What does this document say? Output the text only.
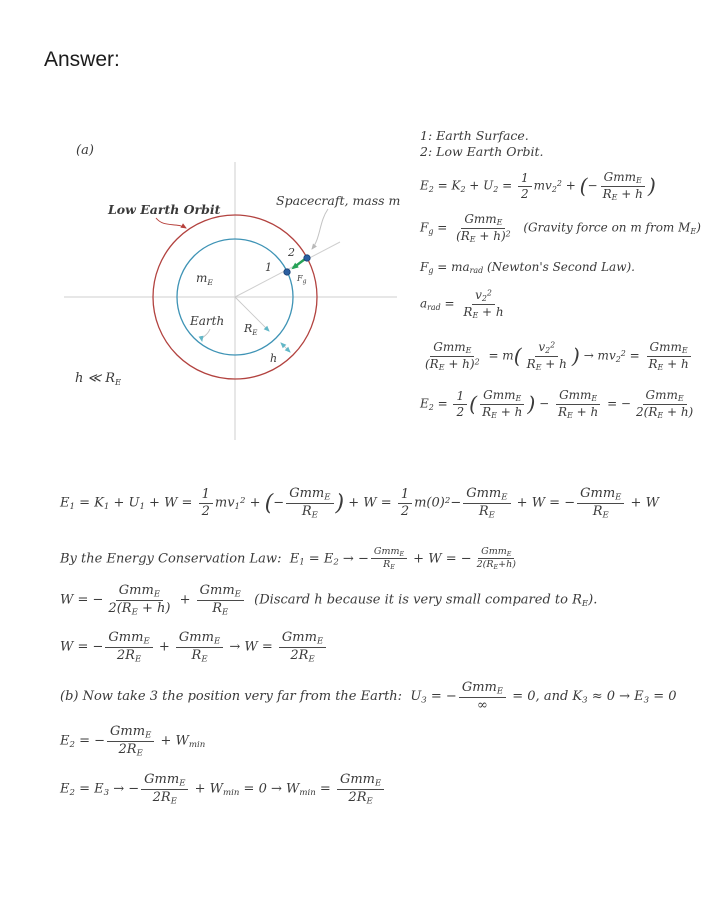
Answer:
(a)
Low Earth Orbit
Spacecraft, mass m
$m_E$
Earth
$R_E$
h
1
2
$F_g$
h ≪ $R_E$
1: Earth Surface.
2: Low Earth Orbit.
$E_2 = K_2 + U_2 = \frac{1}{2} mv_2^2$ + (− $\frac{Gmm_E}{R_E + h}$ )
$F_g = \frac{Gmm_E}{(R_E + h)^2}$ (Gravity force on m from $M_E$)
$F_g = ma_{rad}$ (Newton's Second Law).
$a_{rad} = \frac{v_2^2}{R_E + h}$
$\frac{Gmm_E}{(R_E + h)^2} = m( \frac{v_2^2}{R_E + h}$ ) → $mv_2^2 = \frac{Gmm_E}{R_E + h}$
$E_2 = \frac{1}{2}$ ( $\frac{Gmm_E}{R_E + h}$ ) − $\frac{Gmm_E}{R_E + h}$ = − $\frac{Gmm_E}{2(R_E + h)}$
$E_1 = K_1 + U_1 + W = \frac{1}{2} mv_1^2$ + (− $\frac{Gmm_E}{R_E}$ ) + $W = \frac{1}{2} m(0)^2- \frac{Gmm_E}{R_E} + W$ = − $\frac{Gmm_E}{R_E} + W$
By the Energy Conservation Law:  $E_1 = E_2$ → − $\frac{Gmm_E}{R_E} + W$ = − $\frac{Gmm_E}{2(R_E+h)}$
W = − $\frac{Gmm_E}{2(R_E + h)} + \frac{Gmm_E}{R_E}$ (Discard h because it is very small compared to $R_E$).
W = − $\frac{Gmm_E}{2R_E} + \frac{Gmm_E}{R_E} \to W = \frac{Gmm_E}{2R_E}$
(b) Now take 3 the position very far from the Earth:  $U_3$ = − $\frac{Gmm_E}{\infty} = 0$, and $K_3 \approx 0 \to E_3 = 0$
$E_2$ = − $\frac{Gmm_E}{2R_E} + W_{min}$
$E_2 = E_3$ → − $\frac{Gmm_E}{2R_E} + W_{min} = 0 \to W_{min} = \frac{Gmm_E}{2R_E}$
